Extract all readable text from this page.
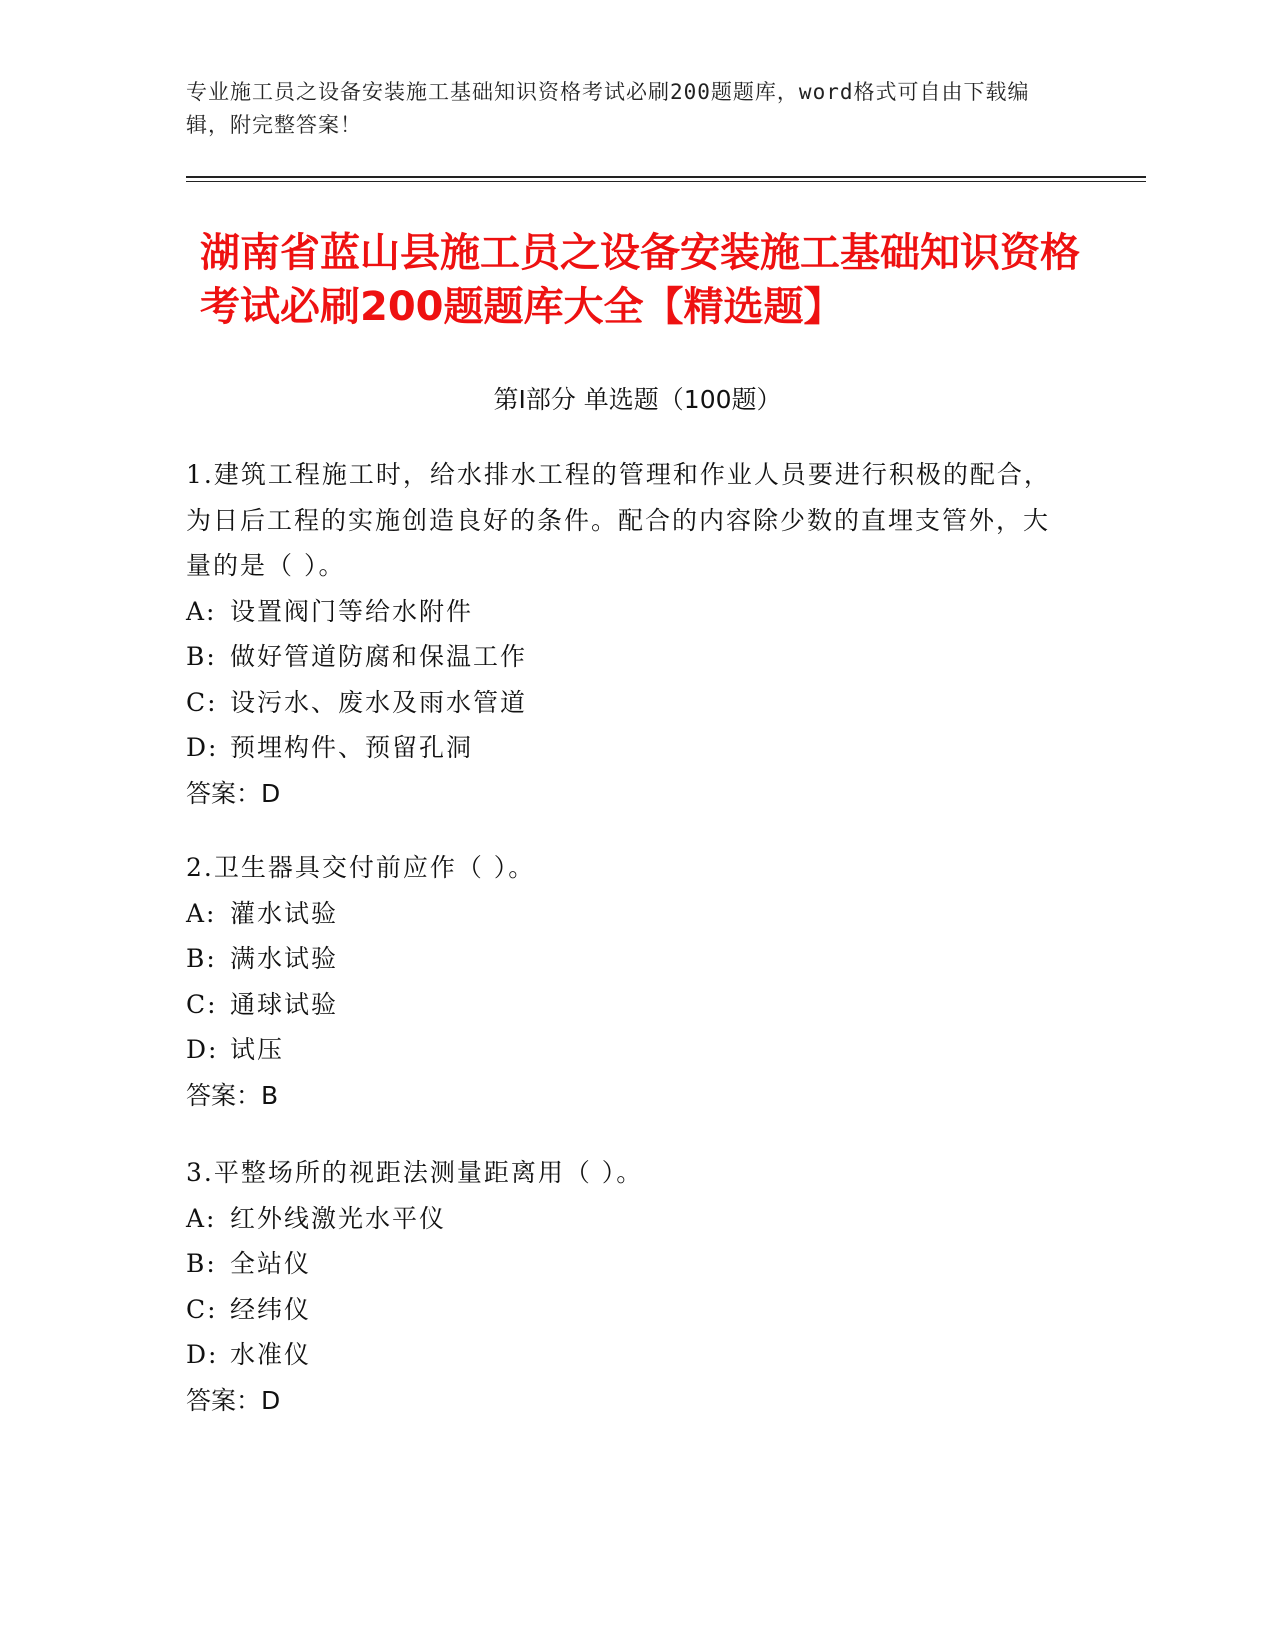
专业施工员之设备安装施工基础知识资格考试必刷200题题库，word格式可自由下载编辑，附完整答案！
湖南省蓝山县施工员之设备安装施工基础知识资格考试必刷200题题库大全【精选题】
第I部分 单选题（100题）

1.建筑工程施工时，给水排水工程的管理和作业人员要进行积极的配合，为日后工程的实施创造良好的条件。配合的内容除少数的直埋支管外，大量的是（ ）。

A: 设置阀门等给水附件

B: 做好管道防腐和保温工作

C: 设污水、废水及雨水管道

D: 预埋构件、预留孔洞

答案：D

2.卫生器具交付前应作（ ）。

A: 灌水试验

B: 满水试验

C: 通球试验

D: 试压

答案：B

3.平整场所的视距法测量距离用（ ）。

A: 红外线激光水平仪

B: 全站仪

C: 经纬仪

D: 水准仪

答案：D
